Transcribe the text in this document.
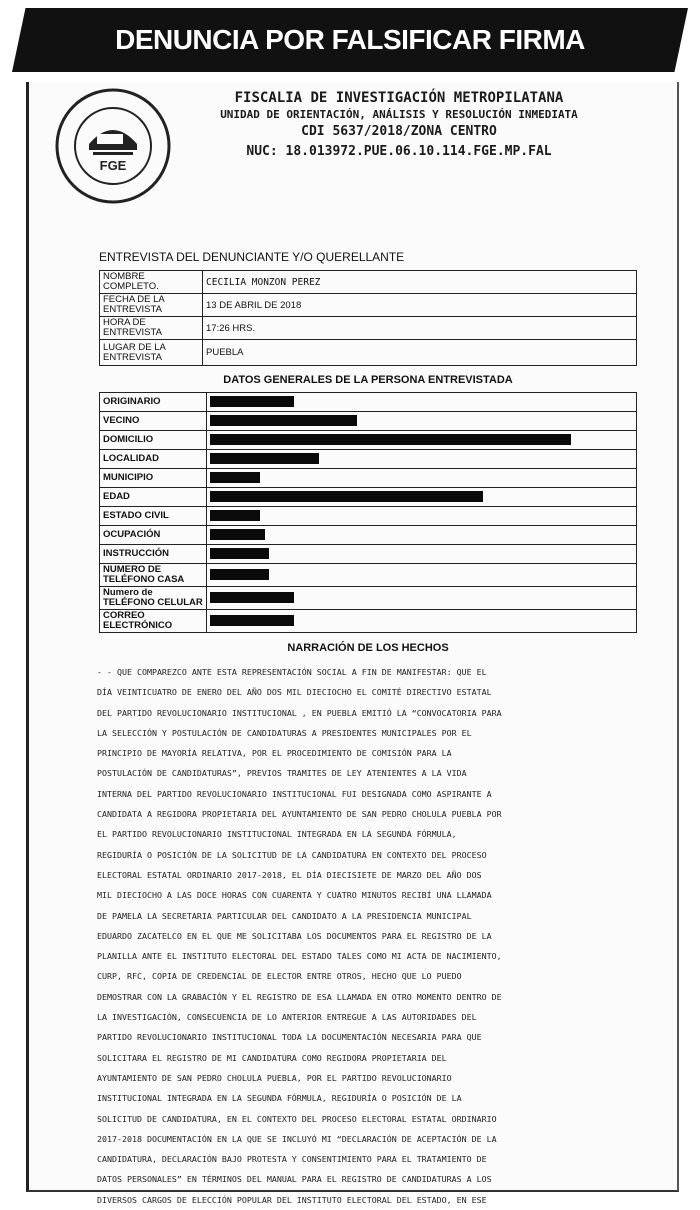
DENUNCIA POR FALSIFICAR FIRMA
FGE
FISCALIA DE INVESTIGACIÓN METROPILATANA
UNIDAD DE ORIENTACIÓN, ANÁLISIS Y RESOLUCIÓN INMEDIATA
CDI 5637/2018/ZONA CENTRO
NUC: 18.013972.PUE.06.10.114.FGE.MP.FAL
ENTREVISTA DEL DENUNCIANTE Y/O QUERELLANTE
NOMBRE COMPLETO.	CECILIA MONZON PEREZ
FECHA DE LA ENTREVISTA	13 DE ABRIL DE 2018
HORA DE ENTREVISTA	17:26 HRS.
LUGAR DE LA ENTREVISTA	PUEBLA
DATOS GENERALES DE LA PERSONA ENTREVISTADA
ORIGINARIO	
VECINO	
DOMICILIO	
LOCALIDAD	
MUNICIPIO	
EDAD	
ESTADO CIVIL	
OCUPACIÓN	
INSTRUCCIÓN	
NUMERO DE TELÉFONO CASA	
Numero de TELÉFONO CELULAR	
CORREO ELECTRÓNICO	
NARRACIÓN DE LOS HECHOS
- - QUE COMPAREZCO ANTE ESTA REPRESENTACIÓN SOCIAL A FIN DE MANIFESTAR: QUE EL
DÍA VEINTICUATRO DE ENERO DEL AÑO DOS MIL DIECIOCHO EL COMITÉ DIRECTIVO ESTATAL
DEL PARTIDO REVOLUCIONARIO INSTITUCIONAL , EN PUEBLA EMITIÓ LA “CONVOCATORIA PARA
LA SELECCIÓN Y POSTULACIÓN DE CANDIDATURAS A PRESIDENTES MUNICIPALES POR EL
PRINCIPIO DE MAYORÍA RELATIVA, POR EL PROCEDIMIENTO DE COMISIÓN PARA LA
POSTULACIÓN DE CANDIDATURAS”, PREVIOS TRAMITES DE LEY ATENIENTES A LA VIDA
INTERNA DEL PARTIDO REVOLUCIONARIO INSTITUCIONAL FUI DESIGNADA COMO ASPIRANTE A
CANDIDATA A REGIDORA PROPIETARIA DEL AYUNTAMIENTO DE SAN PEDRO CHOLULA PUEBLA POR
EL PARTIDO REVOLUCIONARIO INSTITUCIONAL INTEGRADA EN LA SEGUNDA FÓRMULA,
REGIDURÍA O POSICIÓN DE LA SOLICITUD DE LA CANDIDATURA EN CONTEXTO DEL PROCESO
ELECTORAL ESTATAL ORDINARIO 2017-2018, EL DÍA DIECISIETE DE MARZO DEL AÑO DOS
MIL DIECIOCHO A LAS DOCE HORAS CON CUARENTA Y CUATRO MINUTOS RECIBÍ UNA LLAMADA
DE PAMELA LA SECRETARIA PARTICULAR DEL CANDIDATO A LA PRESIDENCIA MUNICIPAL
EDUARDO ZACATELCO EN EL QUE ME SOLICITABA LOS DOCUMENTOS PARA EL REGISTRO DE LA
PLANILLA ANTE EL INSTITUTO ELECTORAL DEL ESTADO TALES COMO MI ACTA DE NACIMIENTO,
CURP, RFC, COPIA DE CREDENCIAL DE ELECTOR ENTRE OTROS, HECHO QUE LO PUEDO
DEMOSTRAR CON LA GRABACIÓN Y EL REGISTRO DE ESA LLAMADA EN OTRO MOMENTO DENTRO DE
LA INVESTIGACIÓN, CONSECUENCIA DE LO ANTERIOR ENTREGUE A LAS AUTORIDADES DEL
PARTIDO REVOLUCIONARIO INSTITUCIONAL TODA LA DOCUMENTACIÓN NECESARIA PARA QUE
SOLICITARA EL REGISTRO DE MI CANDIDATURA COMO REGIDORA PROPIETARIA DEL
AYUNTAMIENTO DE SAN PEDRO CHOLULA PUEBLA, POR EL PARTIDO REVOLUCIONARIO
INSTITUCIONAL INTEGRADA EN LA SEGUNDA FÓRMULA, REGIDURÍA O POSICIÓN DE LA
SOLICITUD DE CANDIDATURA, EN EL CONTEXTO DEL PROCESO ELECTORAL ESTATAL ORDINARIO
2017-2018 DOCUMENTACIÓN EN LA QUE SE INCLUYÓ MI “DECLARACIÓN DE ACEPTACIÓN DE LA
CANDIDATURA, DECLARACIÓN BAJO PROTESTA Y CONSENTIMIENTO PARA EL TRATAMIENTO DE
DATOS PERSONALES” EN TÉRMINOS DEL MANUAL PARA EL REGISTRO DE CANDIDATURAS A LOS
DIVERSOS CARGOS DE ELECCIÓN POPULAR DEL INSTITUTO ELECTORAL DEL ESTADO, EN ESE
